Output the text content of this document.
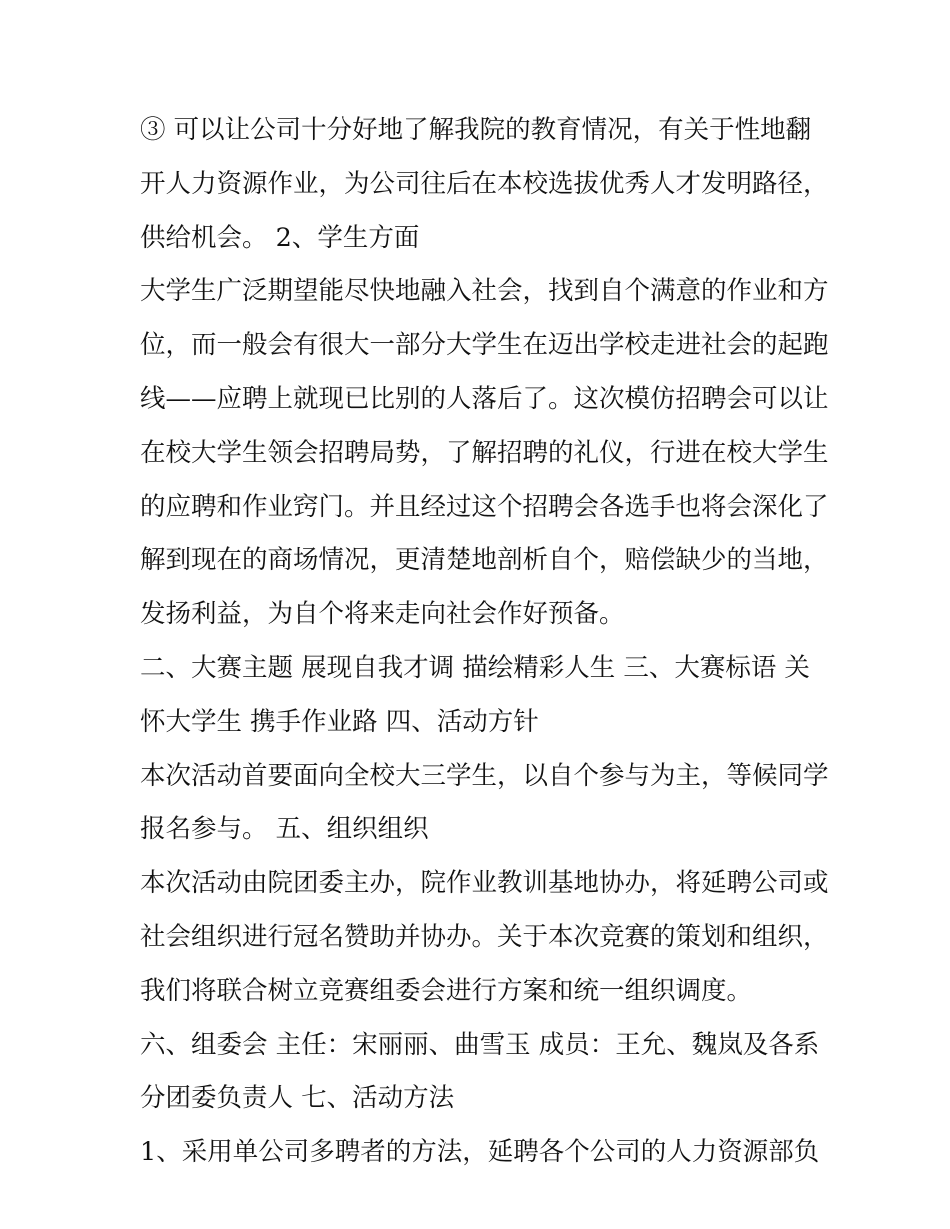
③ 可以让公司十分好地了解我院的教育情况，有关于性地翻
开人力资源作业，为公司往后在本校选拔优秀人才发明路径，
供给机会。 2、学生方面
大学生广泛期望能尽快地融入社会，找到自个满意的作业和方
位，而一般会有很大一部分大学生在迈出学校走进社会的起跑
线——应聘上就现已比别的人落后了。这次模仿招聘会可以让
在校大学生领会招聘局势，了解招聘的礼仪，行进在校大学生
的应聘和作业窍门。并且经过这个招聘会各选手也将会深化了
解到现在的商场情况，更清楚地剖析自个，赔偿缺少的当地，
发扬利益，为自个将来走向社会作好预备。
二、大赛主题 展现自我才调 描绘精彩人生 三、大赛标语 关
怀大学生 携手作业路 四、活动方针
本次活动首要面向全校大三学生，以自个参与为主，等候同学
报名参与。 五、组织组织
本次活动由院团委主办，院作业教训基地协办，将延聘公司或
社会组织进行冠名赞助并协办。关于本次竞赛的策划和组织，
我们将联合树立竞赛组委会进行方案和统一组织调度。
六、组委会 主任：宋丽丽、曲雪玉 成员：王允、魏岚及各系
分团委负责人 七、活动方法
1、采用单公司多聘者的方法，延聘各个公司的人力资源部负
